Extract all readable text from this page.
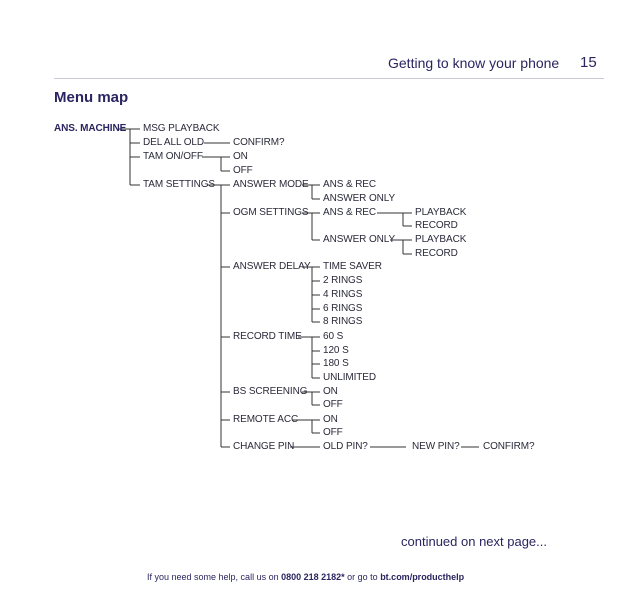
Getting to know your phone 15
Menu map
ANS. MACHINE MSG PLAYBACK
DEL ALL OLD
TAM ON/OFF
TAM SETTINGS
CONFIRM?
ON
OFF
ANSWER MODE
OGM SETTINGS
ANSWER DELAY
RECORD TIME
BS SCREENING
REMOTE ACC
CHANGE PIN
ANS & REC
ANSWER ONLY
ANS & REC
ANSWER ONLY
TIME SAVER
2 RINGS
4 RINGS
6 RINGS
8 RINGS
60 S
120 S
180 S
UNLIMITED
ON
OFF
ON
OFF
OLD PIN?
PLAYBACK
RECORD
PLAYBACK
RECORD
NEW PIN? CONFIRM?
continued on next page...
If you need some help, call us on 0800 218 2182* or go to bt.com/producthelp
